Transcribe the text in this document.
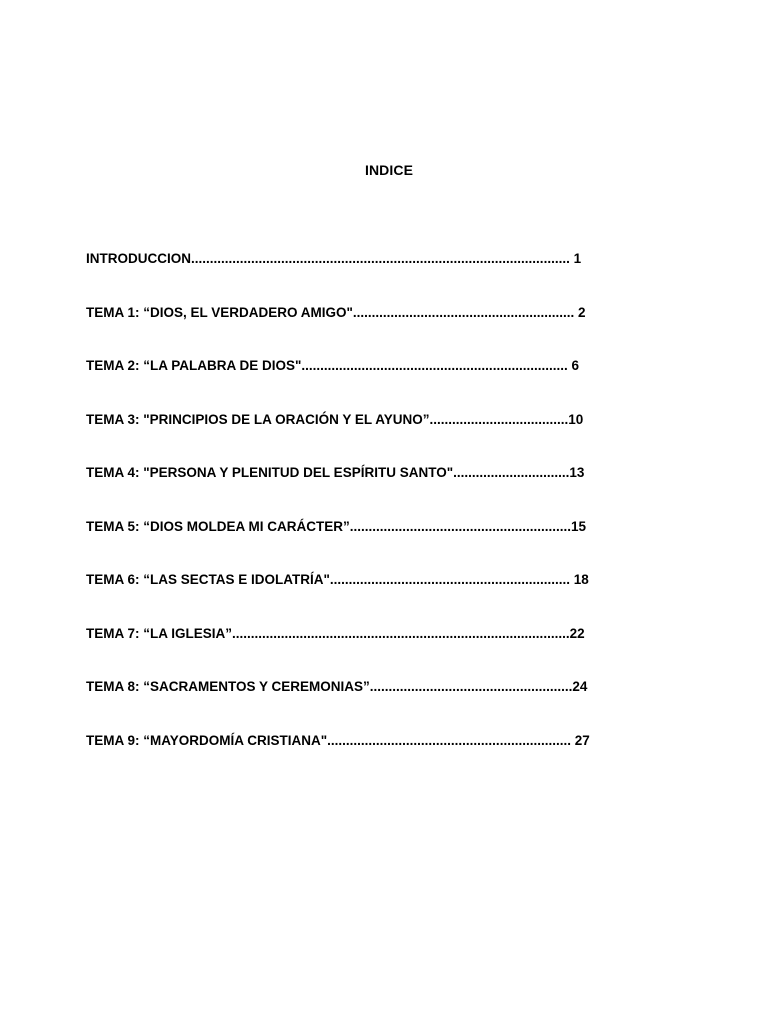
INDICE
INTRODUCCION..................................................................................................... 1
TEMA 1: “DIOS, EL VERDADERO AMIGO"........................................................... 2
TEMA 2: “LA PALABRA DE DIOS"....................................................................... 6
TEMA 3: "PRINCIPIOS DE LA ORACIÓN Y EL AYUNO”.....................................10
TEMA 4: "PERSONA Y PLENITUD DEL ESPÍRITU SANTO"...............................13
TEMA 5: “DIOS MOLDEA MI CARÁCTER”...........................................................15
TEMA 6: “LAS SECTAS E IDOLATRÍA"................................................................ 18
TEMA 7: “LA IGLESIA”..........................................................................................22
TEMA 8: “SACRAMENTOS Y CEREMONIAS”......................................................24
TEMA 9: “MAYORDOMÍA CRISTIANA"................................................................. 27
